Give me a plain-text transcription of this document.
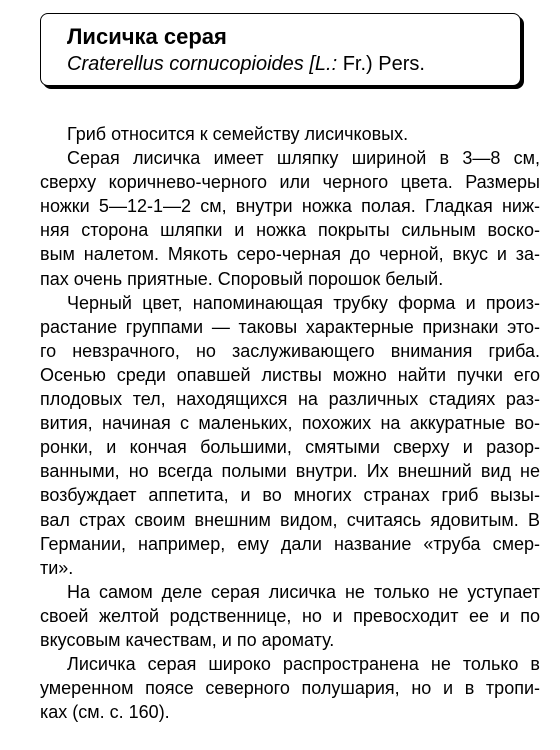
Лисичка серая
Craterellus cornucopioides [L.: Fr.) Pers.
Гриб относится к семейству лисичковых.
Серая лисичка имеет шляпку шириной в 3—8 см,
сверху коричнево-черного или черного цвета. Размеры
ножки 5—12-1—2 см, внутри ножка полая. Гладкая ниж-
няя сторона шляпки и ножка покрыты сильным воско-
вым налетом. Мякоть серо-черная до черной, вкус и за-
пах очень приятные. Споровый порошок белый.
Черный цвет, напоминающая трубку форма и произ-
растание группами — таковы характерные признаки это-
го невзрачного, но заслуживающего внимания гриба.
Осенью среди опавшей листвы можно найти пучки его
плодовых тел, находящихся на различных стадиях раз-
вития, начиная с маленьких, похожих на аккуратные во-
ронки, и кончая большими, смятыми сверху и разор-
ванными, но всегда полыми внутри. Их внешний вид не
возбуждает аппетита, и во многих странах гриб вызы-
вал страх своим внешним видом, считаясь ядовитым. В
Германии, например, ему дали название «труба смер-
ти».
На самом деле серая лисичка не только не уступает
своей желтой родственнице, но и превосходит ее и по
вкусовым качествам, и по аромату.
Лисичка серая широко распространена не только в
умеренном поясе северного полушария, но и в тропи-
ках (см. с. 160).
